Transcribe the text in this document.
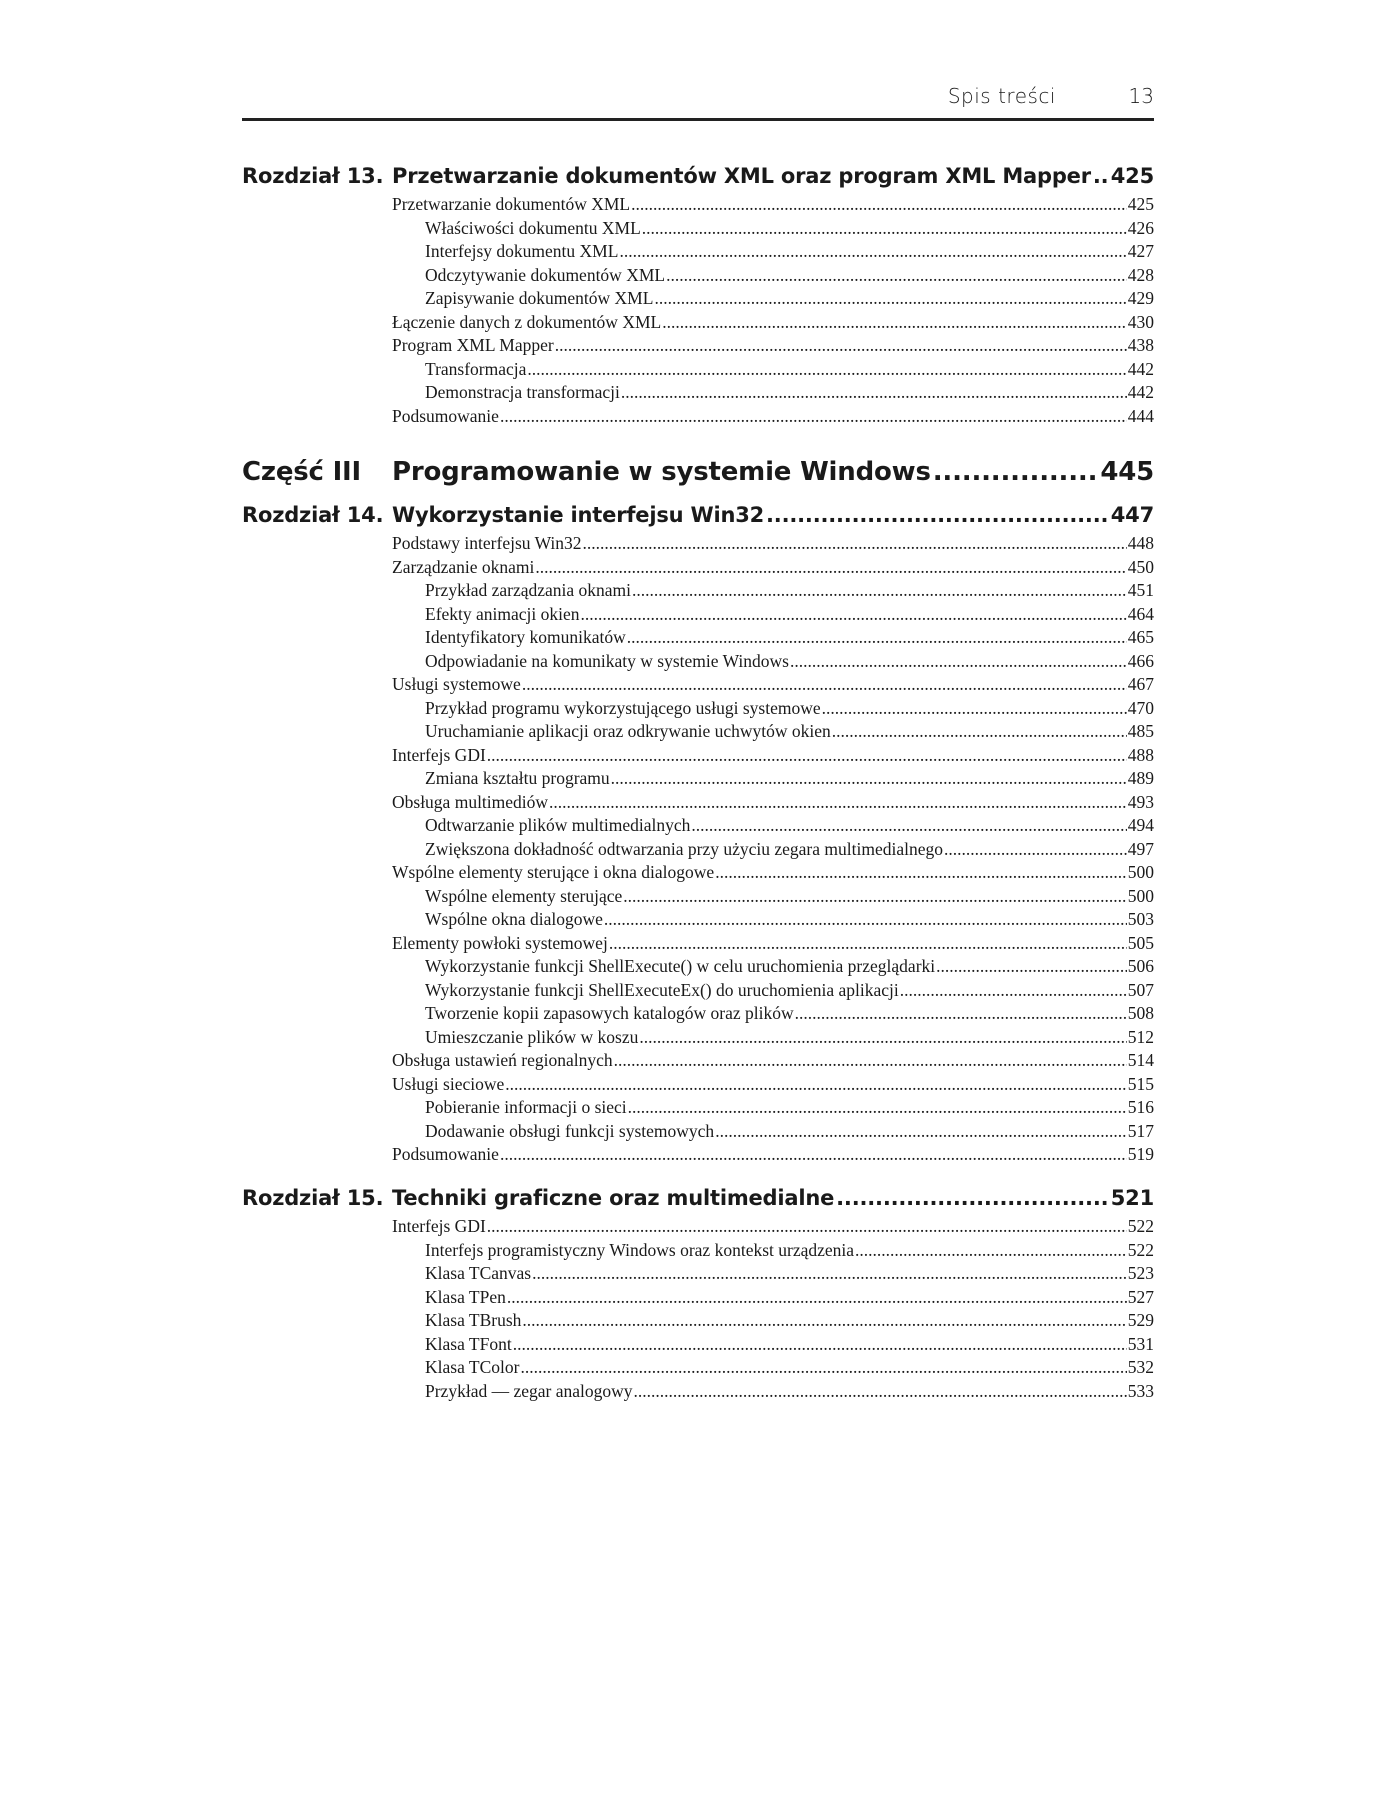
Spis treści	13
Rozdział 13. Przetwarzanie dokumentów XML oraz program XML Mapper ..... 425
Przetwarzanie dokumentów XML .....	425
Właściwości dokumentu XML .....	426
Interfejsy dokumentu XML .....	427
Odczytywanie dokumentów XML .....	428
Zapisywanie dokumentów XML .....	429
Łączenie danych z dokumentów XML .....	430
Program XML Mapper .....	438
Transformacja .....	442
Demonstracja transformacji .....	442
Podsumowanie .....	444
Część III Programowanie w systemie Windows .....	445
Rozdział 14. Wykorzystanie interfejsu Win32 .....	447
Podstawy interfejsu Win32 .....	448
Zarządzanie oknami .....	450
Przykład zarządzania oknami .....	451
Efekty animacji okien .....	464
Identyfikatory komunikatów .....	465
Odpowiadanie na komunikaty w systemie Windows .....	466
Usługi systemowe .....	467
Przykład programu wykorzystującego usługi systemowe .....	470
Uruchamianie aplikacji oraz odkrywanie uchwytów okien .....	485
Interfejs GDI .....	488
Zmiana kształtu programu .....	489
Obsługa multimediów .....	493
Odtwarzanie plików multimedialnych .....	494
Zwiększona dokładność odtwarzania przy użyciu zegara multimedialnego .....	497
Wspólne elementy sterujące i okna dialogowe .....	500
Wspólne elementy sterujące .....	500
Wspólne okna dialogowe .....	503
Elementy powłoki systemowej .....	505
Wykorzystanie funkcji ShellExecute() w celu uruchomienia przeglądarki .....	506
Wykorzystanie funkcji ShellExecuteEx() do uruchomienia aplikacji .....	507
Tworzenie kopii zapasowych katalogów oraz plików .....	508
Umieszczanie plików w koszu .....	512
Obsługa ustawień regionalnych .....	514
Usługi sieciowe .....	515
Pobieranie informacji o sieci .....	516
Dodawanie obsługi funkcji systemowych .....	517
Podsumowanie .....	519
Rozdział 15. Techniki graficzne oraz multimedialne .....	521
Interfejs GDI .....	522
Interfejs programistyczny Windows oraz kontekst urządzenia .....	522
Klasa TCanvas .....	523
Klasa TPen .....	527
Klasa TBrush .....	529
Klasa TFont .....	531
Klasa TColor .....	532
Przykład — zegar analogowy .....	533
